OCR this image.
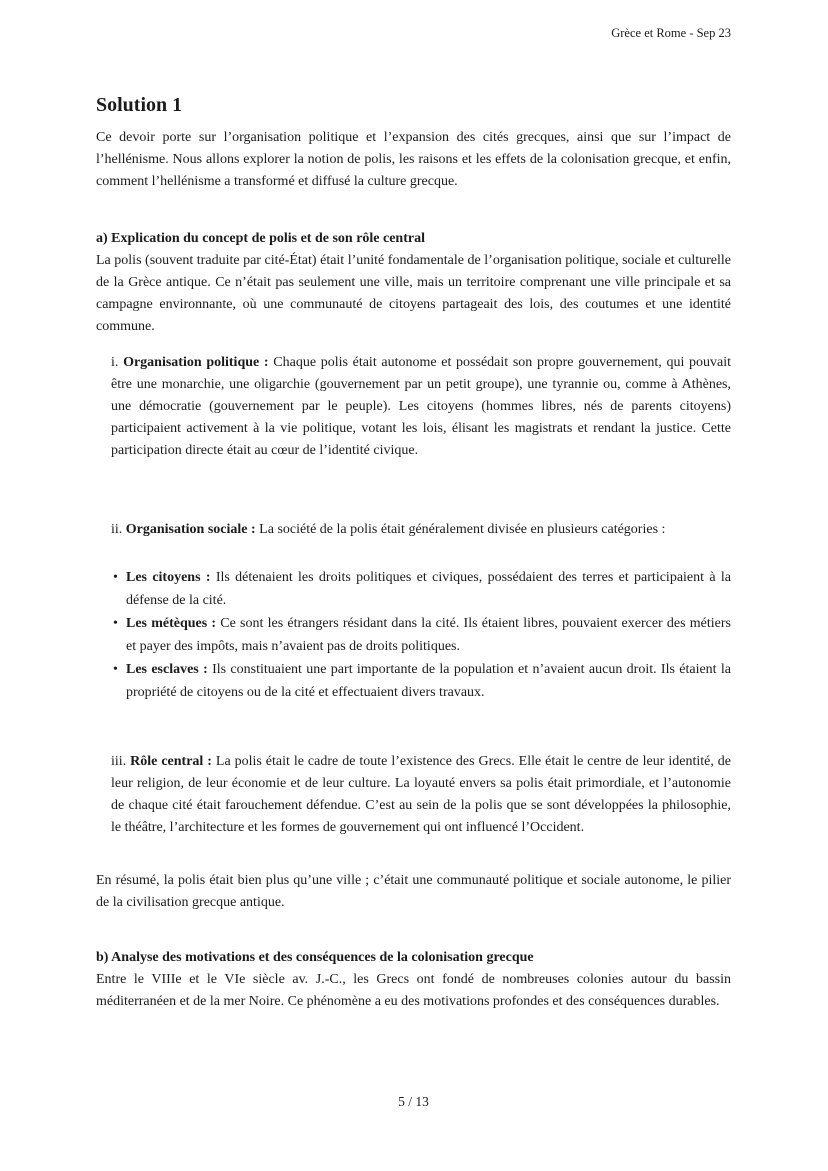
Grèce et Rome - Sep 23
Solution 1

Ce devoir porte sur l’organisation politique et l’expansion des cités grecques, ainsi que sur l’impact de l’hellénisme. Nous allons explorer la notion de polis, les raisons et les effets de la colonisation grecque, et enfin, comment l’hellénisme a transformé et diffusé la culture grecque.

a) Explication du concept de polis et de son rôle central

La polis (souvent traduite par cité-État) était l’unité fondamentale de l’organisation politique, sociale et culturelle de la Grèce antique. Ce n’était pas seulement une ville, mais un territoire comprenant une ville principale et sa campagne environnante, où une communauté de citoyens partageait des lois, des coutumes et une identité commune.

i. Organisation politique : Chaque polis était autonome et possédait son propre gouvernement, qui pouvait être une monarchie, une oligarchie (gouvernement par un petit groupe), une tyrannie ou, comme à Athènes, une démocratie (gouvernement par le peuple). Les citoyens (hommes libres, nés de parents citoyens) participaient activement à la vie politique, votant les lois, élisant les magistrats et rendant la justice. Cette participation directe était au cœur de l’identité civique.

ii. Organisation sociale : La société de la polis était généralement divisée en plusieurs catégories :

• Les citoyens : Ils détenaient les droits politiques et civiques, possédaient des terres et participaient à la défense de la cité.
• Les métèques : Ce sont les étrangers résidant dans la cité. Ils étaient libres, pouvaient exercer des métiers et payer des impôts, mais n’avaient pas de droits politiques.
• Les esclaves : Ils constituaient une part importante de la population et n’avaient aucun droit. Ils étaient la propriété de citoyens ou de la cité et effectuaient divers travaux.

iii. Rôle central : La polis était le cadre de toute l’existence des Grecs. Elle était le centre de leur identité, de leur religion, de leur économie et de leur culture. La loyauté envers sa polis était primordiale, et l’autonomie de chaque cité était farouchement défendue. C’est au sein de la polis que se sont développées la philosophie, le théâtre, l’architecture et les formes de gouvernement qui ont influencé l’Occident.

En résumé, la polis était bien plus qu’une ville ; c’était une communauté politique et sociale autonome, le pilier de la civilisation grecque antique.

b) Analyse des motivations et des conséquences de la colonisation grecque

Entre le VIIIe et le VIe siècle av. J.-C., les Grecs ont fondé de nombreuses colonies autour du bassin méditerranéen et de la mer Noire. Ce phénomène a eu des motivations profondes et des conséquences durables.

5 / 13
